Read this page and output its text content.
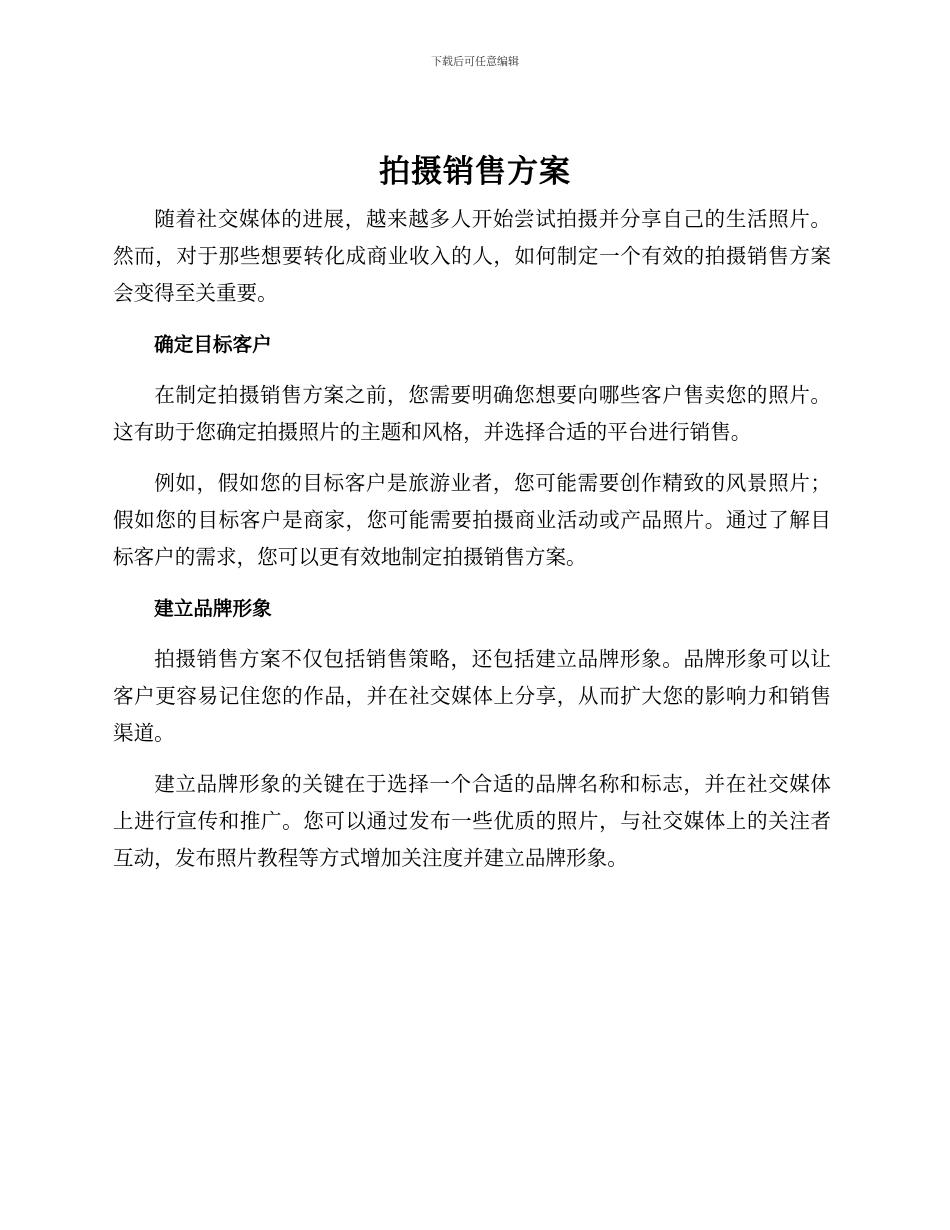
下载后可任意编辑
拍摄销售方案

随着社交媒体的进展，越来越多人开始尝试拍摄并分享自己的生活照片。然而，对于那些想要转化成商业收入的人，如何制定一个有效的拍摄销售方案会变得至关重要。

确定目标客户

在制定拍摄销售方案之前，您需要明确您想要向哪些客户售卖您的照片。这有助于您确定拍摄照片的主题和风格，并选择合适的平台进行销售。

例如，假如您的目标客户是旅游业者，您可能需要创作精致的风景照片；假如您的目标客户是商家，您可能需要拍摄商业活动或产品照片。通过了解目标客户的需求，您可以更有效地制定拍摄销售方案。

建立品牌形象

拍摄销售方案不仅包括销售策略，还包括建立品牌形象。品牌形象可以让客户更容易记住您的作品，并在社交媒体上分享，从而扩大您的影响力和销售渠道。

建立品牌形象的关键在于选择一个合适的品牌名称和标志，并在社交媒体上进行宣传和推广。您可以通过发布一些优质的照片，与社交媒体上的关注者互动，发布照片教程等方式增加关注度并建立品牌形象。
